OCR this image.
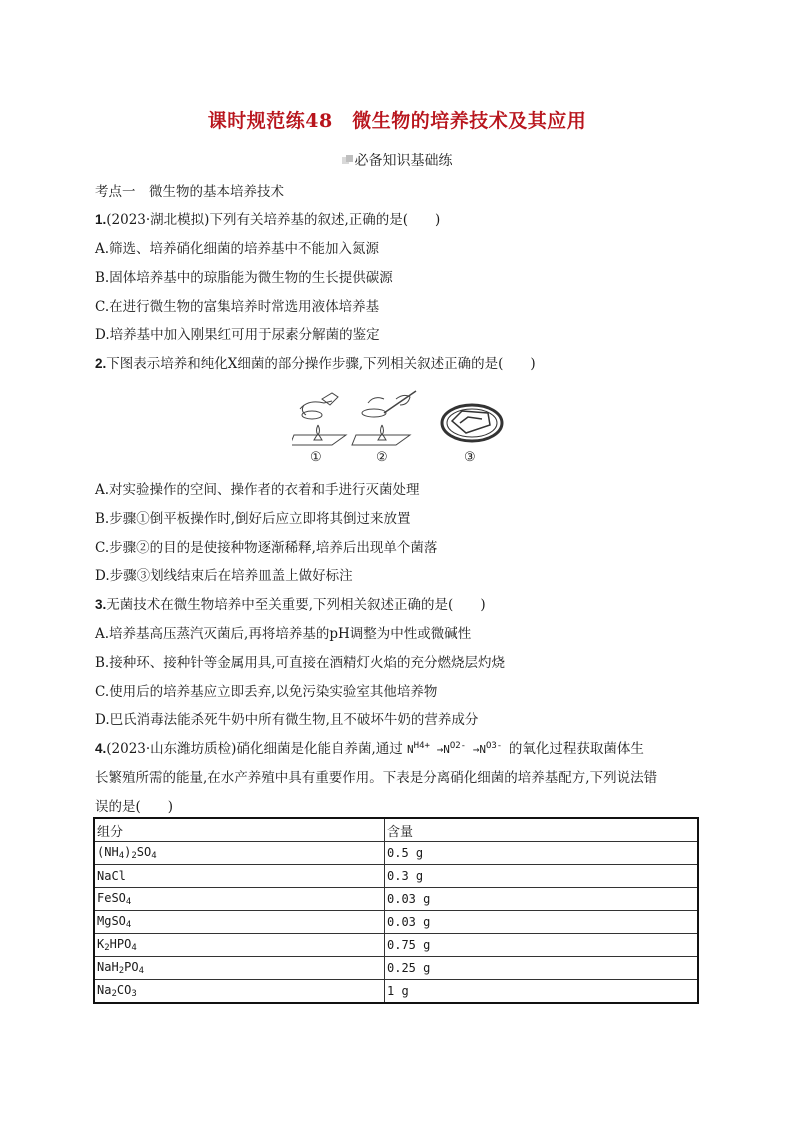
课时规范练48　微生物的培养技术及其应用
必备知识基础练
考点一　微生物的基本培养技术
1.(2023·湖北模拟)下列有关培养基的叙述,正确的是(　　)
A.筛选、培养硝化细菌的培养基中不能加入氮源
B.固体培养基中的琼脂能为微生物的生长提供碳源
C.在进行微生物的富集培养时常选用液体培养基
D.培养基中加入刚果红可用于尿素分解菌的鉴定
2.下图表示培养和纯化X细菌的部分操作步骤,下列相关叙述正确的是(　　)
①	②	③
A.对实验操作的空间、操作者的衣着和手进行灭菌处理
B.步骤①倒平板操作时,倒好后应立即将其倒过来放置
C.步骤②的目的是使接种物逐渐稀释,培养后出现单个菌落
D.步骤③划线结束后在培养皿盖上做好标注
3.无菌技术在微生物培养中至关重要,下列相关叙述正确的是(　　)
A.培养基高压蒸汽灭菌后,再将培养基的pH调整为中性或微碱性
B.接种环、接种针等金属用具,可直接在酒精灯火焰的充分燃烧层灼烧
C.使用后的培养基应立即丢弃,以免污染实验室其他培养物
D.巴氏消毒法能杀死牛奶中所有微生物,且不破坏牛奶的营养成分
4.(2023·山东潍坊质检)硝化细菌是化能自养菌,通过 $N^{H4+} \to N^{O2-} \to N^{O3-}$ 的氧化过程获取菌体生
长繁殖所需的能量,在水产养殖中具有重要作用。下表是分离硝化细菌的培养基配方,下列说法错
误的是(　　)
组分	含量
$(NH_4)_2SO_4$	0.5 g
NaCl	0.3 g
FeSO$_4$	0.03 g
MgSO$_4$	0.03 g
$K_2HPO_4$	0.75 g
$NaH_2PO_4$	0.25 g
$Na_2CO_3$	1 g
